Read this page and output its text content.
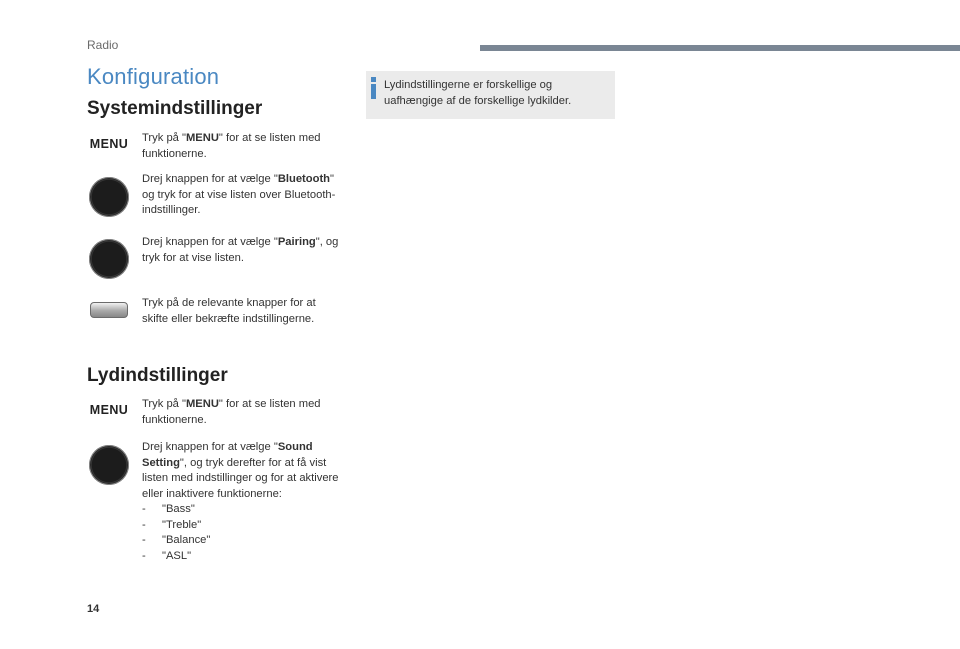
Radio
Konfiguration
Systemindstillinger
MENU Tryk på "MENU" for at se listen med funktionerne.
Drej knappen for at vælge "Bluetooth" og tryk for at vise listen over Bluetooth-indstillinger.
Drej knappen for at vælge "Pairing", og tryk for at vise listen.
Tryk på de relevante knapper for at skifte eller bekræfte indstillingerne.
Lydindstillinger
MENU Tryk på "MENU" for at se listen med funktionerne.
Drej knappen for at vælge "Sound Setting", og tryk derefter for at få vist listen med indstillinger og for at aktivere eller inaktivere funktionerne:
- "Bass"
- "Treble"
- "Balance"
- "ASL"
Lydindstillingerne er forskellige og uafhængige af de forskellige lydkilder.
14
